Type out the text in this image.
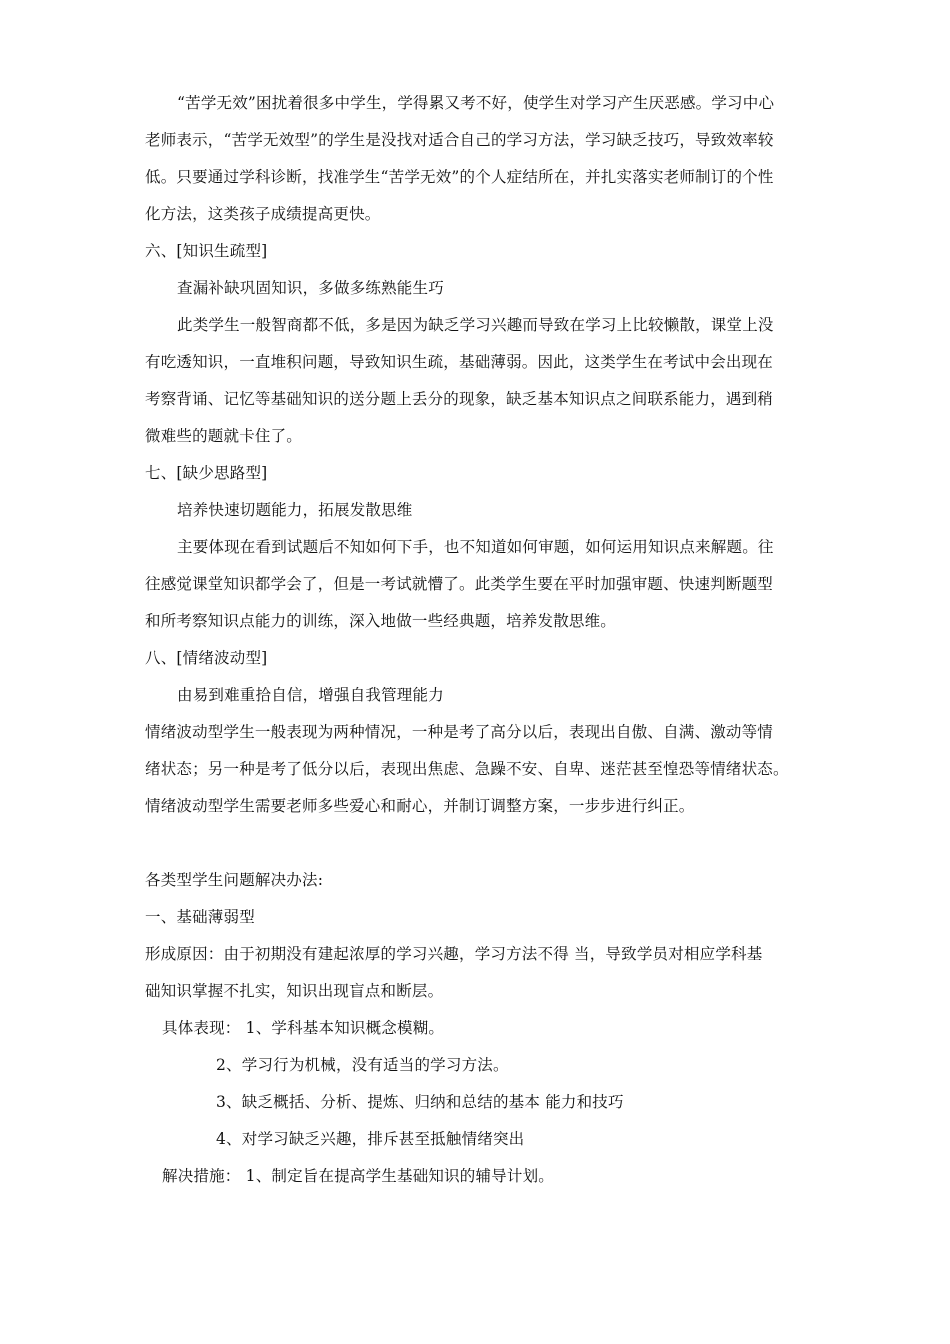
“苦学无效”困扰着很多中学生，学得累又考不好，使学生对学习产生厌恶感。学习中心
老师表示，“苦学无效型”的学生是没找对适合自己的学习方法，学习缺乏技巧，导致效率较
低。只要通过学科诊断，找准学生“苦学无效”的个人症结所在，并扎实落实老师制订的个性
化方法，这类孩子成绩提高更快。
六、[知识生疏型]
查漏补缺巩固知识，多做多练熟能生巧
此类学生一般智商都不低，多是因为缺乏学习兴趣而导致在学习上比较懒散，课堂上没
有吃透知识，一直堆积问题，导致知识生疏，基础薄弱。因此，这类学生在考试中会出现在
考察背诵、记忆等基础知识的送分题上丢分的现象，缺乏基本知识点之间联系能力，遇到稍
微难些的题就卡住了。
七、[缺少思路型]
培养快速切题能力，拓展发散思维
主要体现在看到试题后不知如何下手，也不知道如何审题，如何运用知识点来解题。往
往感觉课堂知识都学会了，但是一考试就懵了。此类学生要在平时加强审题、快速判断题型
和所考察知识点能力的训练，深入地做一些经典题，培养发散思维。
八、[情绪波动型]
由易到难重拾自信，增强自我管理能力
情绪波动型学生一般表现为两种情况，一种是考了高分以后，表现出自傲、自满、激动等情
绪状态；另一种是考了低分以后，表现出焦虑、急躁不安、自卑、迷茫甚至惶恐等情绪状态。
情绪波动型学生需要老师多些爱心和耐心，并制订调整方案，一步步进行纠正。
各类型学生问题解决办法:
一、基础薄弱型
形成原因：由于初期没有建起浓厚的学习兴趣，学习方法不得 当，导致学员对相应学科基
础知识掌握不扎实，知识出现盲点和断层。
具体表现： 1、学科基本知识概念模糊。
2、学习行为机械，没有适当的学习方法。
3、缺乏概括、分析、提炼、归纳和总结的基本 能力和技巧
4、对学习缺乏兴趣，排斥甚至抵触情绪突出
解决措施： 1、制定旨在提高学生基础知识的辅导计划。
